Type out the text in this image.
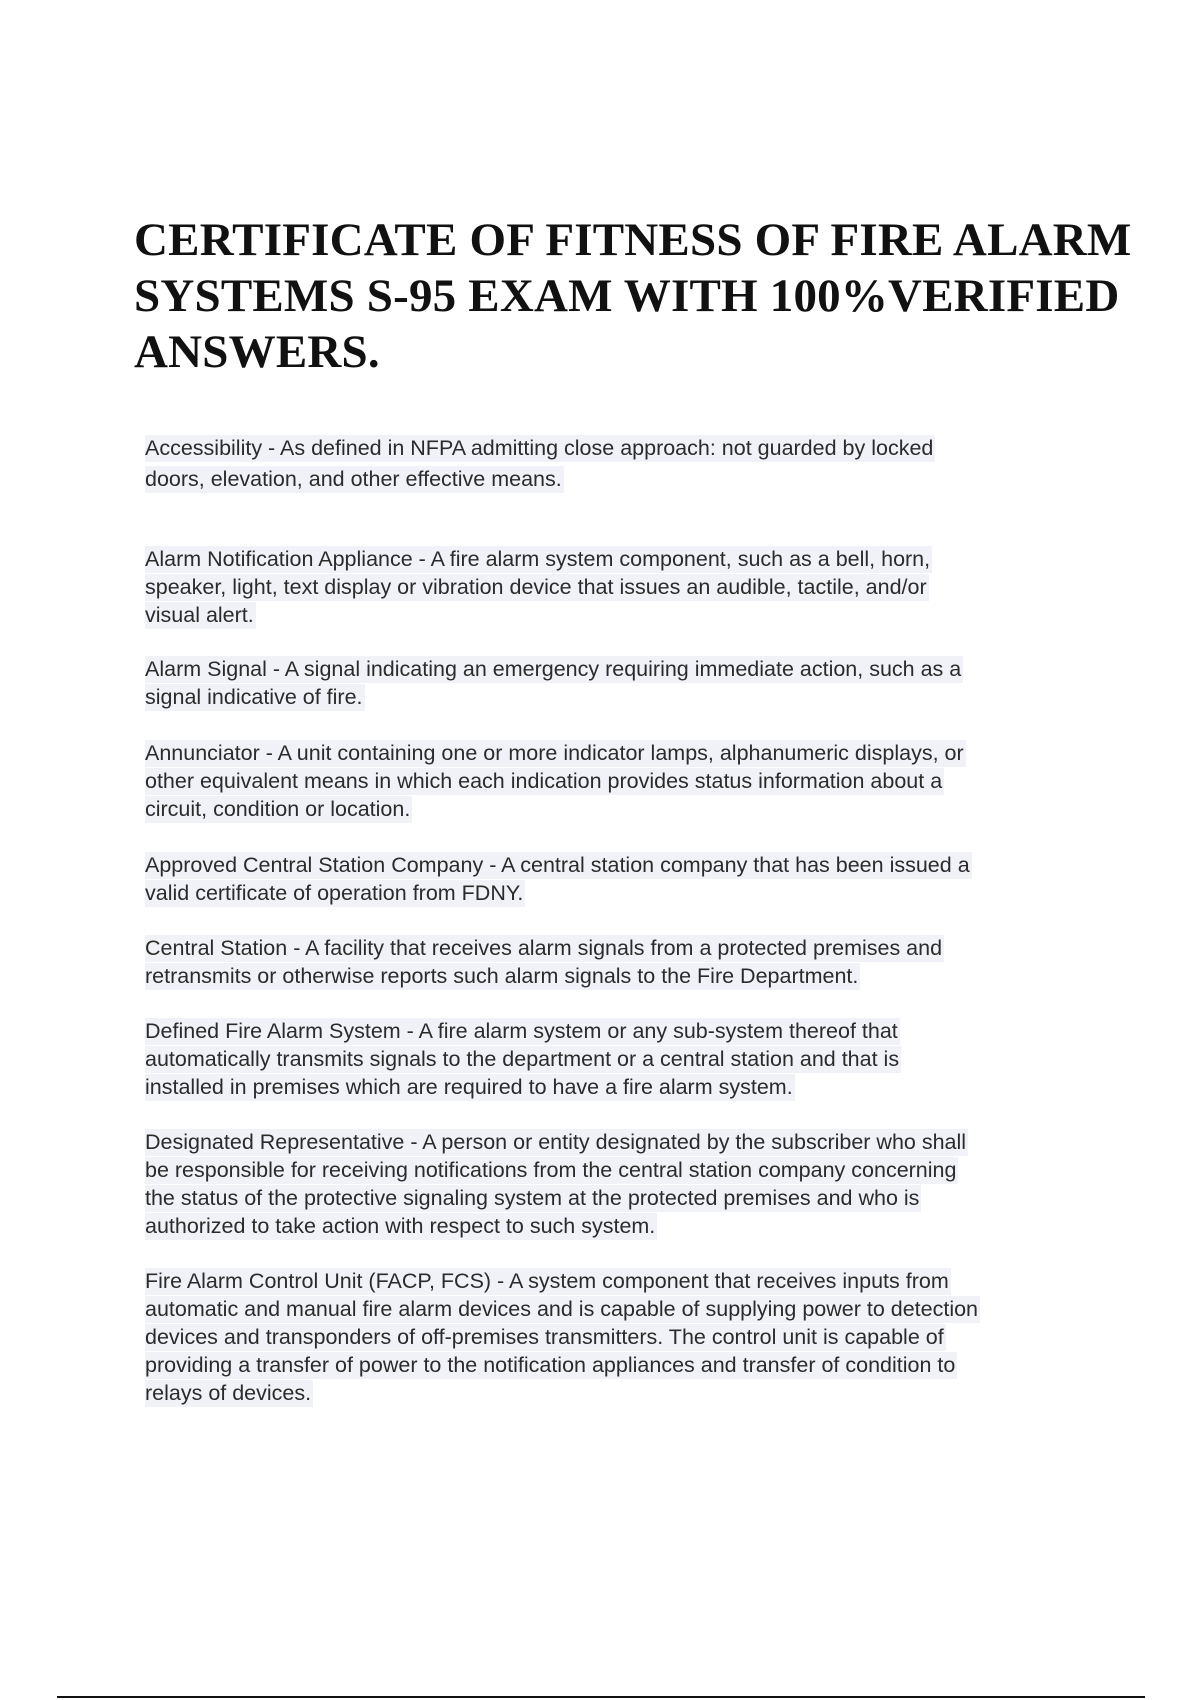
CERTIFICATE OF FITNESS OF FIRE ALARM
SYSTEMS S-95 EXAM WITH 100%VERIFIED
ANSWERS.

Accessibility - As defined in NFPA admitting close approach: not guarded by locked
doors, elevation, and other effective means.

Alarm Notification Appliance - A fire alarm system component, such as a bell, horn,
speaker, light, text display or vibration device that issues an audible, tactile, and/or
visual alert.

Alarm Signal - A signal indicating an emergency requiring immediate action, such as a
signal indicative of fire.

Annunciator - A unit containing one or more indicator lamps, alphanumeric displays, or
other equivalent means in which each indication provides status information about a
circuit, condition or location.

Approved Central Station Company - A central station company that has been issued a
valid certificate of operation from FDNY.

Central Station - A facility that receives alarm signals from a protected premises and
retransmits or otherwise reports such alarm signals to the Fire Department.

Defined Fire Alarm System - A fire alarm system or any sub-system thereof that
automatically transmits signals to the department or a central station and that is
installed in premises which are required to have a fire alarm system.

Designated Representative - A person or entity designated by the subscriber who shall
be responsible for receiving notifications from the central station company concerning
the status of the protective signaling system at the protected premises and who is
authorized to take action with respect to such system.

Fire Alarm Control Unit (FACP, FCS) - A system component that receives inputs from
automatic and manual fire alarm devices and is capable of supplying power to detection
devices and transponders of off-premises transmitters. The control unit is capable of
providing a transfer of power to the notification appliances and transfer of condition to
relays of devices.
